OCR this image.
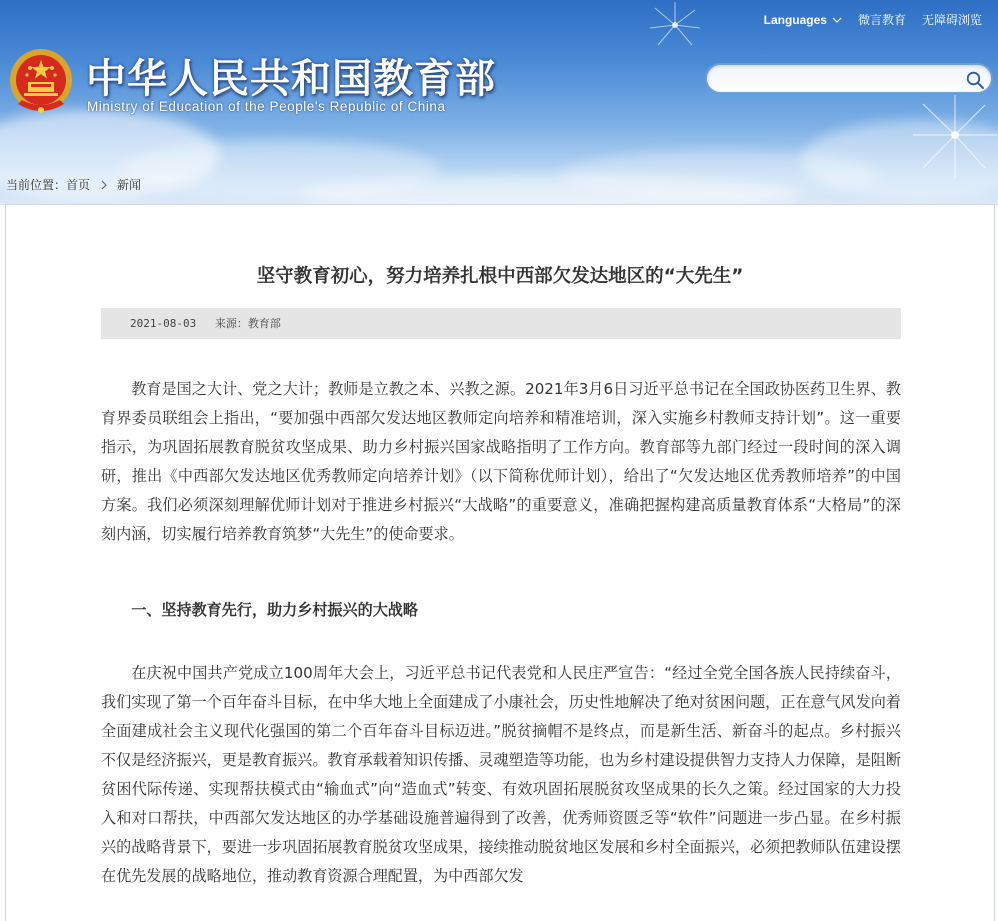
中华人民共和国教育部
Ministry of Education of the People's Republic of China
Languages	微言教育 无障碍浏览
当前位置： 首页 新闻
坚守教育初心，努力培养扎根中西部欠发达地区的“大先生”
2021-08-03 来源：教育部

教育是国之大计、党之大计；教师是立教之本、兴教之源。2021年3月6日习近平总书记在全国政协医药卫生界、教育界委员联组会上指出，“要加强中西部欠发达地区教师定向培养和精准培训，深入实施乡村教师支持计划”。这一重要指示，为巩固拓展教育脱贫攻坚成果、助力乡村振兴国家战略指明了工作方向。教育部等九部门经过一段时间的深入调研，推出《中西部欠发达地区优秀教师定向培养计划》（以下简称优师计划），给出了“欠发达地区优秀教师培养”的中国方案。我们必须深刻理解优师计划对于推进乡村振兴“大战略”的重要意义，准确把握构建高质量教育体系“大格局”的深刻内涵，切实履行培养教育筑梦“大先生”的使命要求。

一、坚持教育先行，助力乡村振兴的大战略

在庆祝中国共产党成立100周年大会上，习近平总书记代表党和人民庄严宣告：“经过全党全国各族人民持续奋斗，我们实现了第一个百年奋斗目标，在中华大地上全面建成了小康社会，历史性地解决了绝对贫困问题，正在意气风发向着全面建成社会主义现代化强国的第二个百年奋斗目标迈进。”脱贫摘帽不是终点，而是新生活、新奋斗的起点。乡村振兴不仅是经济振兴，更是教育振兴。教育承载着知识传播、灵魂塑造等功能，也为乡村建设提供智力支持人力保障，是阻断贫困代际传递、实现帮扶模式由“输血式”向“造血式”转变、有效巩固拓展脱贫攻坚成果的长久之策。经过国家的大力投入和对口帮扶，中西部欠发达地区的办学基础设施普遍得到了改善，优秀师资匮乏等“软件”问题进一步凸显。在乡村振兴的战略背景下，要进一步巩固拓展教育脱贫攻坚成果，接续推动脱贫地区发展和乡村全面振兴，必须把教师队伍建设摆在优先发展的战略地位，推动教育资源合理配置，为中西部欠发
